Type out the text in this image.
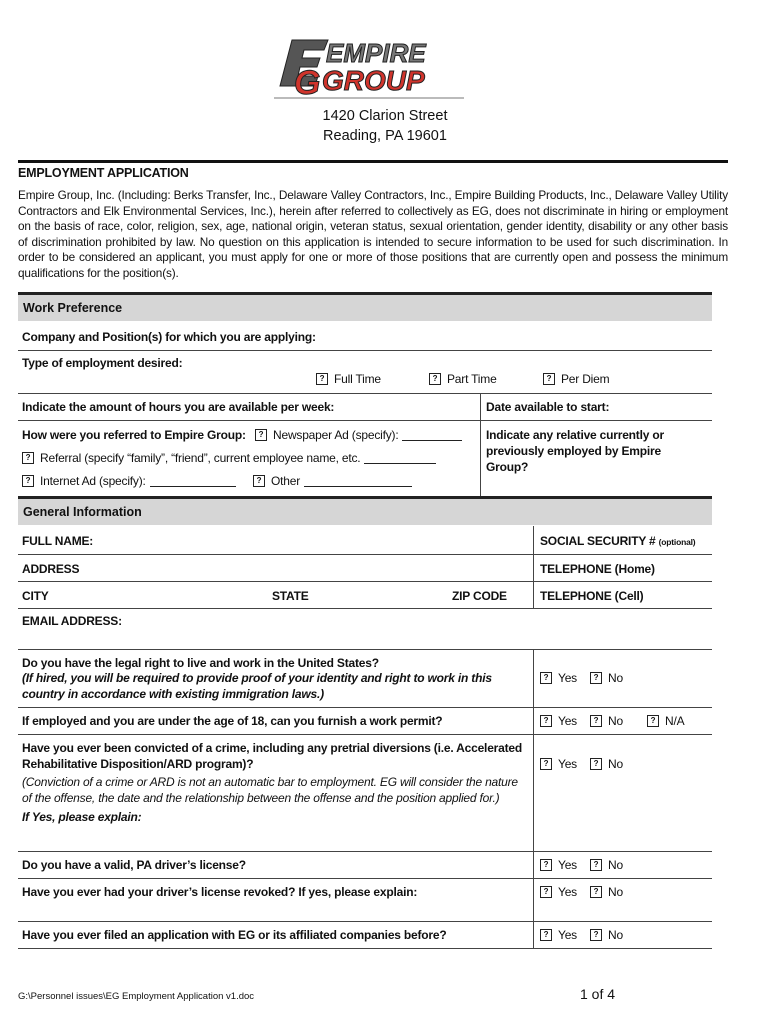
G
EMPIRE
GROUP
1420 Clarion Street
Reading, PA 19601
EMPLOYMENT APPLICATION
Empire Group, Inc. (Including: Berks Transfer, Inc., Delaware Valley Contractors, Inc., Empire Building Products, Inc., Delaware Valley Utility Contractors and Elk Environmental Services, Inc.), herein after referred to collectively as EG, does not discriminate in hiring or employment on the basis of race, color, religion, sex, age, national origin, veteran status, sexual orientation, gender identity, disability or any other basis of discrimination prohibited by law. No question on this application is intended to secure information to be used for such discrimination. In order to be considered an applicant, you must apply for one or more of those positions that are currently open and possess the minimum qualifications for the position(s).
Work Preference
Company and Position(s) for which you are applying:
Type of employment desired:
? Full Time	? Part Time	? Per Diem
Indicate the amount of hours you are available per week:	Date available to start:
How were you referred to Empire Group:	? Newspaper Ad (specify):	Indicate any relative currently or previously employed by Empire Group?
? Referral (specify “family”, “friend”, current employee name, etc.
? Internet Ad (specify):	? Other
General Information
FULL NAME:	SOCIAL SECURITY # (optional)
ADDRESS	TELEPHONE (Home)
CITY	STATE	ZIP CODE	TELEPHONE (Cell)
EMAIL ADDRESS:
Do you have the legal right to live and work in the United States?
(If hired, you will be required to provide proof of your identity and right to work in this country in accordance with existing immigration laws.)
? Yes	? No
If employed and you are under the age of 18, can you furnish a work permit?	? Yes	? No	? N/A
Have you ever been convicted of a crime, including any pretrial diversions (i.e. Accelerated Rehabilitative Disposition/ARD program)?	? Yes	? No
(Conviction of a crime or ARD is not an automatic bar to employment. EG will consider the nature of the offense, the date and the relationship between the offense and the position applied for.)
If Yes, please explain:
Do you have a valid, PA driver’s license?	? Yes	? No
Have you ever had your driver’s license revoked? If yes, please explain:	? Yes	? No
Have you ever filed an application with EG or its affiliated companies before?	? Yes	? No
G:\Personnel issues\EG Employment Application v1.doc	1 of 4
